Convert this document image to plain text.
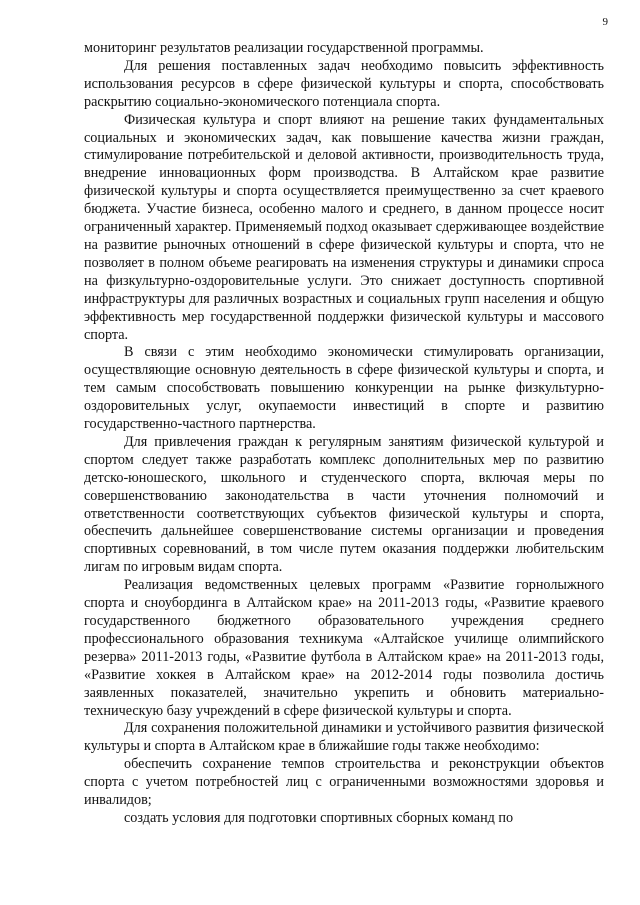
9

мониторинг результатов реализации государственной программы.

Для решения поставленных задач необходимо повысить эффективность использования ресурсов в сфере физической культуры и спорта, способствовать раскрытию социально-экономического потенциала спорта.

Физическая культура и спорт влияют на решение таких фундаментальных социальных и экономических задач, как повышение качества жизни граждан, стимулирование потребительской и деловой активности, производительность труда, внедрение инновационных форм производства. В Алтайском крае развитие физической культуры и спорта осуществляется преимущественно за счет краевого бюджета. Участие бизнеса, особенно малого и среднего, в данном процессе носит ограниченный характер. Применяемый подход оказывает сдерживающее воздействие на развитие рыночных отношений в сфере физической культуры и спорта, что не позволяет в полном объеме реагировать на изменения структуры и динамики спроса на физкультурно-оздоровительные услуги. Это снижает доступность спортивной инфраструктуры для различных возрастных и социальных групп населения и общую эффективность мер государственной поддержки физической культуры и массового спорта.

В связи с этим необходимо экономически стимулировать организации, осуществляющие основную деятельность в сфере физической культуры и спорта, и тем самым способствовать повышению конкуренции на рынке физкультурно-оздоровительных услуг, окупаемости инвестиций в спорте и развитию государственно-частного партнерства.

Для привлечения граждан к регулярным занятиям физической культурой и спортом следует также разработать комплекс дополнительных мер по развитию детско-юношеского, школьного и студенческого спорта, включая меры по совершенствованию законодательства в части уточнения полномочий и ответственности соответствующих субъектов физической культуры и спорта, обеспечить дальнейшее совершенствование системы организации и проведения спортивных соревнований, в том числе путем оказания поддержки любительским лигам по игровым видам спорта.

Реализация ведомственных целевых программ «Развитие горнолыжного спорта и сноубординга в Алтайском крае» на 2011-2013 годы, «Развитие краевого государственного бюджетного образовательного учреждения среднего профессионального образования техникума «Алтайское училище олимпийского резерва» 2011-2013 годы, «Развитие футбола в Алтайском крае» на 2011-2013 годы, «Развитие хоккея в Алтайском крае» на 2012-2014 годы позволила достичь заявленных показателей, значительно укрепить и обновить материально-техническую базу учреждений в сфере физической культуры и спорта.

Для сохранения положительной динамики и устойчивого развития физической культуры и спорта в Алтайском крае в ближайшие годы также необходимо:

обеспечить сохранение темпов строительства и реконструкции объектов спорта с учетом потребностей лиц с ограниченными возможностями здоровья и инвалидов;

создать условия для подготовки спортивных сборных команд по
